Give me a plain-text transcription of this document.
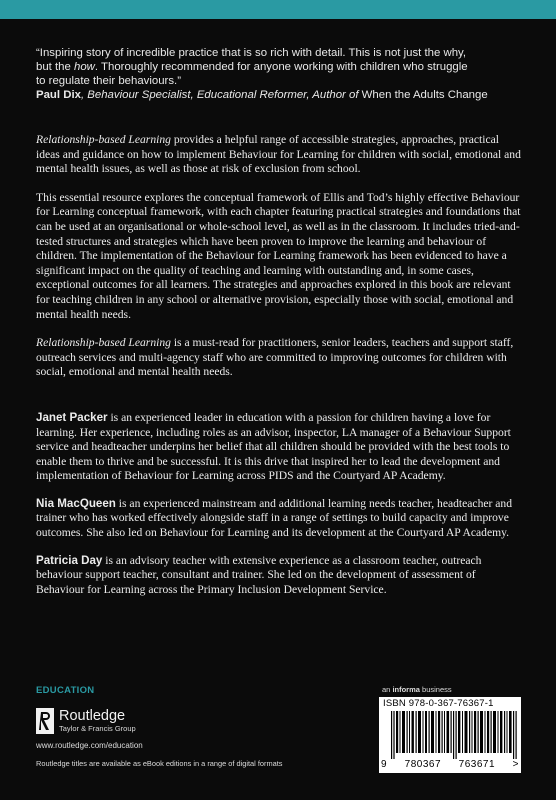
“Inspiring story of incredible practice that is so rich with detail. This is not just the why,
but the how. Thoroughly recommended for anyone working with children who struggle
to regulate their behaviours.”

Paul Dix, Behaviour Specialist, Educational Reformer, Author of When the Adults Change

Relationship-based Learning provides a helpful range of accessible strategies, approaches, practical ideas and guidance on how to implement Behaviour for Learning for children with social, emotional and mental health issues, as well as those at risk of exclusion from school.

This essential resource explores the conceptual framework of Ellis and Tod’s highly effective Behaviour for Learning conceptual framework, with each chapter featuring practical strategies and foundations that can be used at an organisational or whole-school level, as well as in the classroom. It includes tried-and-tested structures and strategies which have been proven to improve the learning and behaviour of children. The implementation of the Behaviour for Learning framework has been evidenced to have a significant impact on the quality of teaching and learning with outstanding and, in some cases, exceptional outcomes for all learners. The strategies and approaches explored in this book are relevant for teaching children in any school or alternative provision, especially those with social, emotional and mental health needs.

Relationship-based Learning is a must-read for practitioners, senior leaders, teachers and support staff, outreach services and multi-agency staff who are committed to improving outcomes for children with social, emotional and mental health needs.

Janet Packer is an experienced leader in education with a passion for children having a love for learning. Her experience, including roles as an advisor, inspector, LA manager of a Behaviour Support service and headteacher underpins her belief that all children should be provided with the best tools to enable them to thrive and be successful. It is this drive that inspired her to lead the development and implementation of Behaviour for Learning across PIDS and the Courtyard AP Academy.

Nia MacQueen is an experienced mainstream and additional learning needs teacher, headteacher and trainer who has worked effectively alongside staff in a range of settings to build capacity and improve outcomes. She also led on Behaviour for Learning and its development at the Courtyard AP Academy.

Patricia Day is an advisory teacher with extensive experience as a classroom teacher, outreach behaviour support teacher, consultant and trainer. She led on the development of assessment of Behaviour for Learning across the Primary Inclusion Development Service.

EDUCATION
Routledge
Taylor & Francis Group
www.routledge.com/education
Routledge titles are available as eBook editions in a range of digital formats
an informa business
ISBN 978-0-367-76367-1
9 780367 763671 >
